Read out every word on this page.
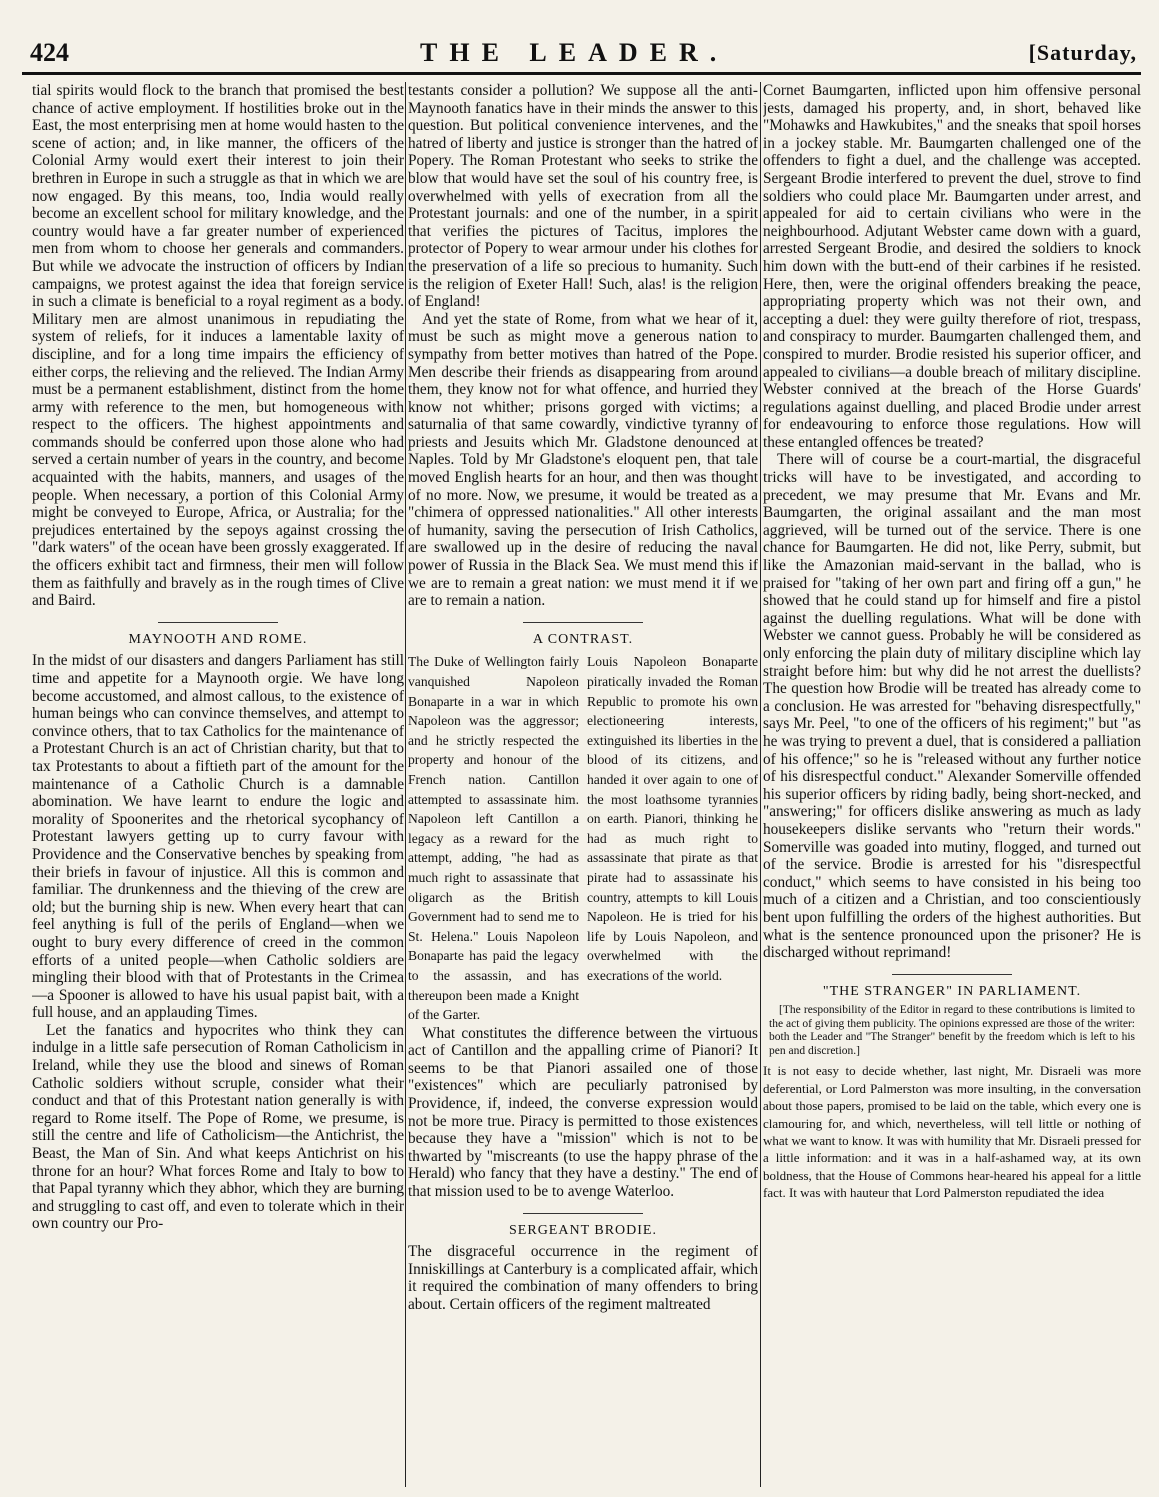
424	THE LEADER.	[Saturday,

tial spirits would flock to the branch that promised the best chance of active employment. If hostilities broke out in the East, the most enterprising men at home would hasten to the scene of action; and, in like manner, the officers of the Colonial Army would exert their interest to join their brethren in Europe in such a struggle as that in which we are now engaged. By this means, too, India would really become an excellent school for military knowledge, and the country would have a far greater number of experienced men from whom to choose her generals and commanders. But while we advocate the instruction of officers by Indian campaigns, we protest against the idea that foreign service in such a climate is beneficial to a royal regiment as a body. Military men are almost unanimous in repudiating the system of reliefs, for it induces a lamentable laxity of discipline, and for a long time impairs the efficiency of either corps, the relieving and the relieved. The Indian Army must be a permanent establishment, distinct from the home army with reference to the men, but homogeneous with respect to the officers. The highest appointments and commands should be conferred upon those alone who had served a certain number of years in the country, and become acquainted with the habits, manners, and usages of the people. When necessary, a portion of this Colonial Army might be conveyed to Europe, Africa, or Australia; for the prejudices entertained by the sepoys against crossing the "dark waters" of the ocean have been grossly exaggerated. If the officers exhibit tact and firmness, their men will follow them as faithfully and bravely as in the rough times of Clive and Baird.

MAYNOOTH AND ROME.

In the midst of our disasters and dangers Parliament has still time and appetite for a Maynooth orgie. We have long become accustomed, and almost callous, to the existence of human beings who can convince themselves, and attempt to convince others, that to tax Catholics for the maintenance of a Protestant Church is an act of Christian charity, but that to tax Protestants to about a fiftieth part of the amount for the maintenance of a Catholic Church is a damnable abomination. We have learnt to endure the logic and morality of Spoonerites and the rhetorical sycophancy of Protestant lawyers getting up to curry favour with Providence and the Conservative benches by speaking from their briefs in favour of injustice. All this is common and familiar. The drunkenness and the thieving of the crew are old; but the burning ship is new. When every heart that can feel anything is full of the perils of England—when we ought to bury every difference of creed in the common efforts of a united people—when Catholic soldiers are mingling their blood with that of Protestants in the Crimea—a Spooner is allowed to have his usual papist bait, with a full house, and an applauding Times.

Let the fanatics and hypocrites who think they can indulge in a little safe persecution of Roman Catholicism in Ireland, while they use the blood and sinews of Roman Catholic soldiers without scruple, consider what their conduct and that of this Protestant nation generally is with regard to Rome itself. The Pope of Rome, we presume, is still the centre and life of Catholicism—the Antichrist, the Beast, the Man of Sin. And what keeps Antichrist on his throne for an hour? What forces Rome and Italy to bow to that Papal tyranny which they abhor, which they are burning and struggling to cast off, and even to tolerate which in their own country our Pro-

testants consider a pollution? We suppose all the anti-Maynooth fanatics have in their minds the answer to this question. But political convenience intervenes, and the hatred of liberty and justice is stronger than the hatred of Popery. The Roman Protestant who seeks to strike the blow that would have set the soul of his country free, is overwhelmed with yells of execration from all the Protestant journals: and one of the number, in a spirit that verifies the pictures of Tacitus, implores the protector of Popery to wear armour under his clothes for the preservation of a life so precious to humanity. Such is the religion of Exeter Hall! Such, alas! is the religion of England!

And yet the state of Rome, from what we hear of it, must be such as might move a generous nation to sympathy from better motives than hatred of the Pope. Men describe their friends as disappearing from around them, they know not for what offence, and hurried they know not whither; prisons gorged with victims; a saturnalia of that same cowardly, vindictive tyranny of priests and Jesuits which Mr. Gladstone denounced at Naples. Told by Mr Gladstone's eloquent pen, that tale moved English hearts for an hour, and then was thought of no more. Now, we presume, it would be treated as a "chimera of oppressed nationalities." All other interests of humanity, saving the persecution of Irish Catholics, are swallowed up in the desire of reducing the naval power of Russia in the Black Sea. We must mend this if we are to remain a great nation: we must mend it if we are to remain a nation.

A CONTRAST.
The Duke of Wellington fairly vanquished Napoleon Bonaparte in a war in which Napoleon was the aggressor; and he strictly respected the property and honour of the French nation. Cantillon attempted to assassinate him. Napoleon left Cantillon a legacy as a reward for the attempt, adding, "he had as much right to assassinate that oligarch as the British Government had to send me to St. Helena." Louis Napoleon Bonaparte has paid the legacy to the assassin, and has thereupon been made a Knight of the Garter.
Louis Napoleon Bonaparte piratically invaded the Roman Republic to promote his own electioneering interests, extinguished its liberties in the blood of its citizens, and handed it over again to one of the most loathsome tyrannies on earth. Pianori, thinking he had as much right to assassinate that pirate as that pirate had to assassinate his country, attempts to kill Louis Napoleon. He is tried for his life by Louis Napoleon, and overwhelmed with the execrations of the world.

What constitutes the difference between the virtuous act of Cantillon and the appalling crime of Pianori? It seems to be that Pianori assailed one of those "existences" which are peculiarly patronised by Providence, if, indeed, the converse expression would not be more true. Piracy is permitted to those existences because they have a "mission" which is not to be thwarted by "miscreants (to use the happy phrase of the Herald) who fancy that they have a destiny." The end of that mission used to be to avenge Waterloo.

SERGEANT BRODIE.

The disgraceful occurrence in the regiment of Inniskillings at Canterbury is a complicated affair, which it required the combination of many offenders to bring about. Certain officers of the regiment maltreated

Cornet Baumgarten, inflicted upon him offensive personal jests, damaged his property, and, in short, behaved like "Mohawks and Hawkubites," and the sneaks that spoil horses in a jockey stable. Mr. Baumgarten challenged one of the offenders to fight a duel, and the challenge was accepted. Sergeant Brodie interfered to prevent the duel, strove to find soldiers who could place Mr. Baumgarten under arrest, and appealed for aid to certain civilians who were in the neighbourhood. Adjutant Webster came down with a guard, arrested Sergeant Brodie, and desired the soldiers to knock him down with the butt-end of their carbines if he resisted. Here, then, were the original offenders breaking the peace, appropriating property which was not their own, and accepting a duel: they were guilty therefore of riot, trespass, and conspiracy to murder. Baumgarten challenged them, and conspired to murder. Brodie resisted his superior officer, and appealed to civilians—a double breach of military discipline. Webster connived at the breach of the Horse Guards' regulations against duelling, and placed Brodie under arrest for endeavouring to enforce those regulations. How will these entangled offences be treated?

There will of course be a court-martial, the disgraceful tricks will have to be investigated, and according to precedent, we may presume that Mr. Evans and Mr. Baumgarten, the original assailant and the man most aggrieved, will be turned out of the service. There is one chance for Baumgarten. He did not, like Perry, submit, but like the Amazonian maid-servant in the ballad, who is praised for "taking of her own part and firing off a gun," he showed that he could stand up for himself and fire a pistol against the duelling regulations. What will be done with Webster we cannot guess. Probably he will be considered as only enforcing the plain duty of military discipline which lay straight before him: but why did he not arrest the duellists? The question how Brodie will be treated has already come to a conclusion. He was arrested for "behaving disrespectfully," says Mr. Peel, "to one of the officers of his regiment;" but "as he was trying to prevent a duel, that is considered a palliation of his offence;" so he is "released without any further notice of his disrespectful conduct." Alexander Somerville offended his superior officers by riding badly, being short-necked, and "answering;" for officers dislike answering as much as lady housekeepers dislike servants who "return their words." Somerville was goaded into mutiny, flogged, and turned out of the service. Brodie is arrested for his "disrespectful conduct," which seems to have consisted in his being too much of a citizen and a Christian, and too conscientiously bent upon fulfilling the orders of the highest authorities. But what is the sentence pronounced upon the prisoner? He is discharged without reprimand!

"THE STRANGER" IN PARLIAMENT.

[The responsibility of the Editor in regard to these contributions is limited to the act of giving them publicity. The opinions expressed are those of the writer: both the Leader and "The Stranger" benefit by the freedom which is left to his pen and discretion.]

It is not easy to decide whether, last night, Mr. Disraeli was more deferential, or Lord Palmerston was more insulting, in the conversation about those papers, promised to be laid on the table, which every one is clamouring for, and which, nevertheless, will tell little or nothing of what we want to know. It was with humility that Mr. Disraeli pressed for a little information: and it was in a half-ashamed way, at its own boldness, that the House of Commons hear-heared his appeal for a little fact. It was with hauteur that Lord Palmerston repudiated the idea
